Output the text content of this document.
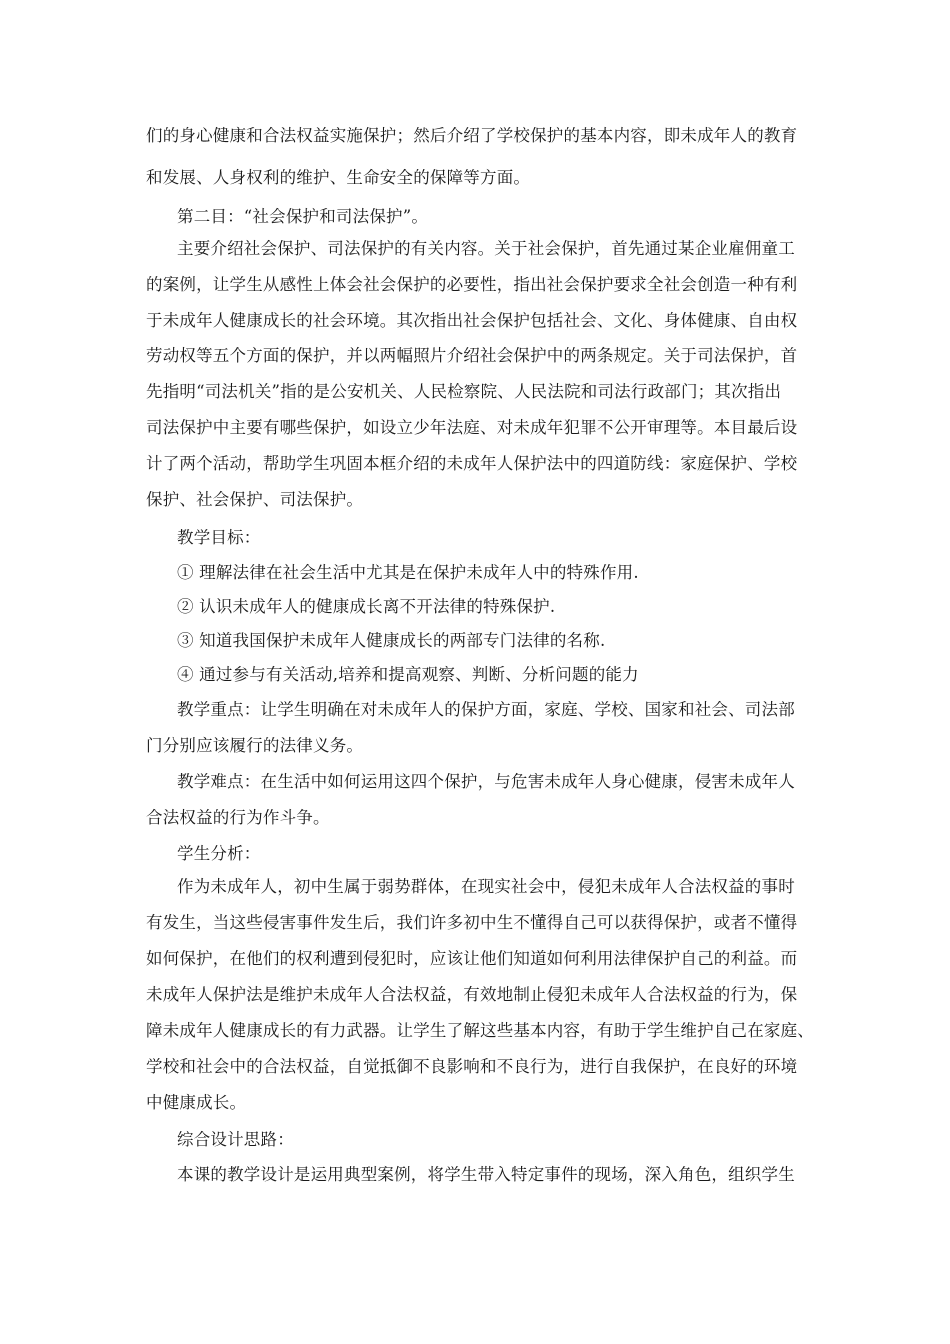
们的身心健康和合法权益实施保护；然后介绍了学校保护的基本内容，即未成年人的教育
和发展、人身权利的维护、生命安全的保障等方面。
第二目：“社会保护和司法保护”。
主要介绍社会保护、司法保护的有关内容。关于社会保护，首先通过某企业雇佣童工
的案例，让学生从感性上体会社会保护的必要性，指出社会保护要求全社会创造一种有利
于未成年人健康成长的社会环境。其次指出社会保护包括社会、文化、身体健康、自由权
劳动权等五个方面的保护，并以两幅照片介绍社会保护中的两条规定。关于司法保护，首
先指明“司法机关”指的是公安机关、人民检察院、人民法院和司法行政部门；其次指出
司法保护中主要有哪些保护，如设立少年法庭、对未成年犯罪不公开审理等。本目最后设
计了两个活动，帮助学生巩固本框介绍的未成年人保护法中的四道防线：家庭保护、学校
保护、社会保护、司法保护。
教学目标：
① 理解法律在社会生活中尤其是在保护未成年人中的特殊作用.
② 认识未成年人的健康成长离不开法律的特殊保护.
③ 知道我国保护未成年人健康成长的两部专门法律的名称.
④ 通过参与有关活动,培养和提高观察、判断、分析问题的能力
教学重点：让学生明确在对未成年人的保护方面，家庭、学校、国家和社会、司法部
门分别应该履行的法律义务。
教学难点：在生活中如何运用这四个保护，与危害未成年人身心健康，侵害未成年人
合法权益的行为作斗争。
学生分析：
作为未成年人，初中生属于弱势群体，在现实社会中，侵犯未成年人合法权益的事时
有发生，当这些侵害事件发生后，我们许多初中生不懂得自己可以获得保护，或者不懂得
如何保护，在他们的权利遭到侵犯时，应该让他们知道如何利用法律保护自己的利益。而
未成年人保护法是维护未成年人合法权益，有效地制止侵犯未成年人合法权益的行为，保
障未成年人健康成长的有力武器。让学生了解这些基本内容，有助于学生维护自己在家庭、
学校和社会中的合法权益，自觉抵御不良影响和不良行为，进行自我保护，在良好的环境
中健康成长。
综合设计思路：
本课的教学设计是运用典型案例，将学生带入特定事件的现场，深入角色，组织学生
